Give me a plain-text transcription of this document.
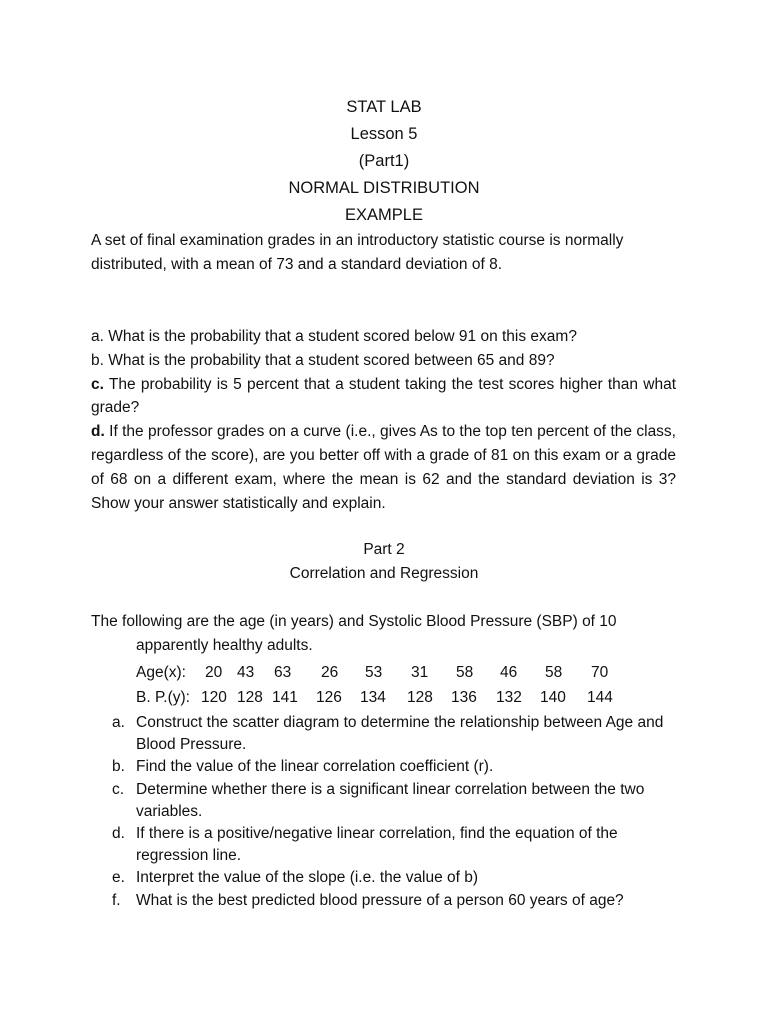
STAT LAB
Lesson 5
(Part1)
NORMAL DISTRIBUTION
EXAMPLE
A set of final examination grades in an introductory statistic course is normally distributed, with a mean of 73 and a standard deviation of 8.
a. What is the probability that a student scored below 91 on this exam?
b. What is the probability that a student scored between 65 and 89?
c. The probability is 5 percent that a student taking the test scores higher than what grade?
d. If the professor grades on a curve (i.e., gives As to the top ten percent of the class, regardless of the score), are you better off with a grade of 81 on this exam or a grade of 68 on a different exam, where the mean is 62 and the standard deviation is 3? Show your answer statistically and explain.
Part 2
Correlation and Regression
The following are the age (in years) and Systolic Blood Pressure (SBP) of 10
apparently healthy adults.
Age(x): 20 43 63 26 53 31 58 46 58 70
B. P.(y): 120 128 141 126 134 128 136 132 140 144
a. Construct the scatter diagram to determine the relationship between Age and Blood Pressure.
b. Find the value of the linear correlation coefficient (r).
c. Determine whether there is a significant linear correlation between the two variables.
d. If there is a positive/negative linear correlation, find the equation of the regression line.
e. Interpret the value of the slope (i.e. the value of b)
f. What is the best predicted blood pressure of a person 60 years of age?
